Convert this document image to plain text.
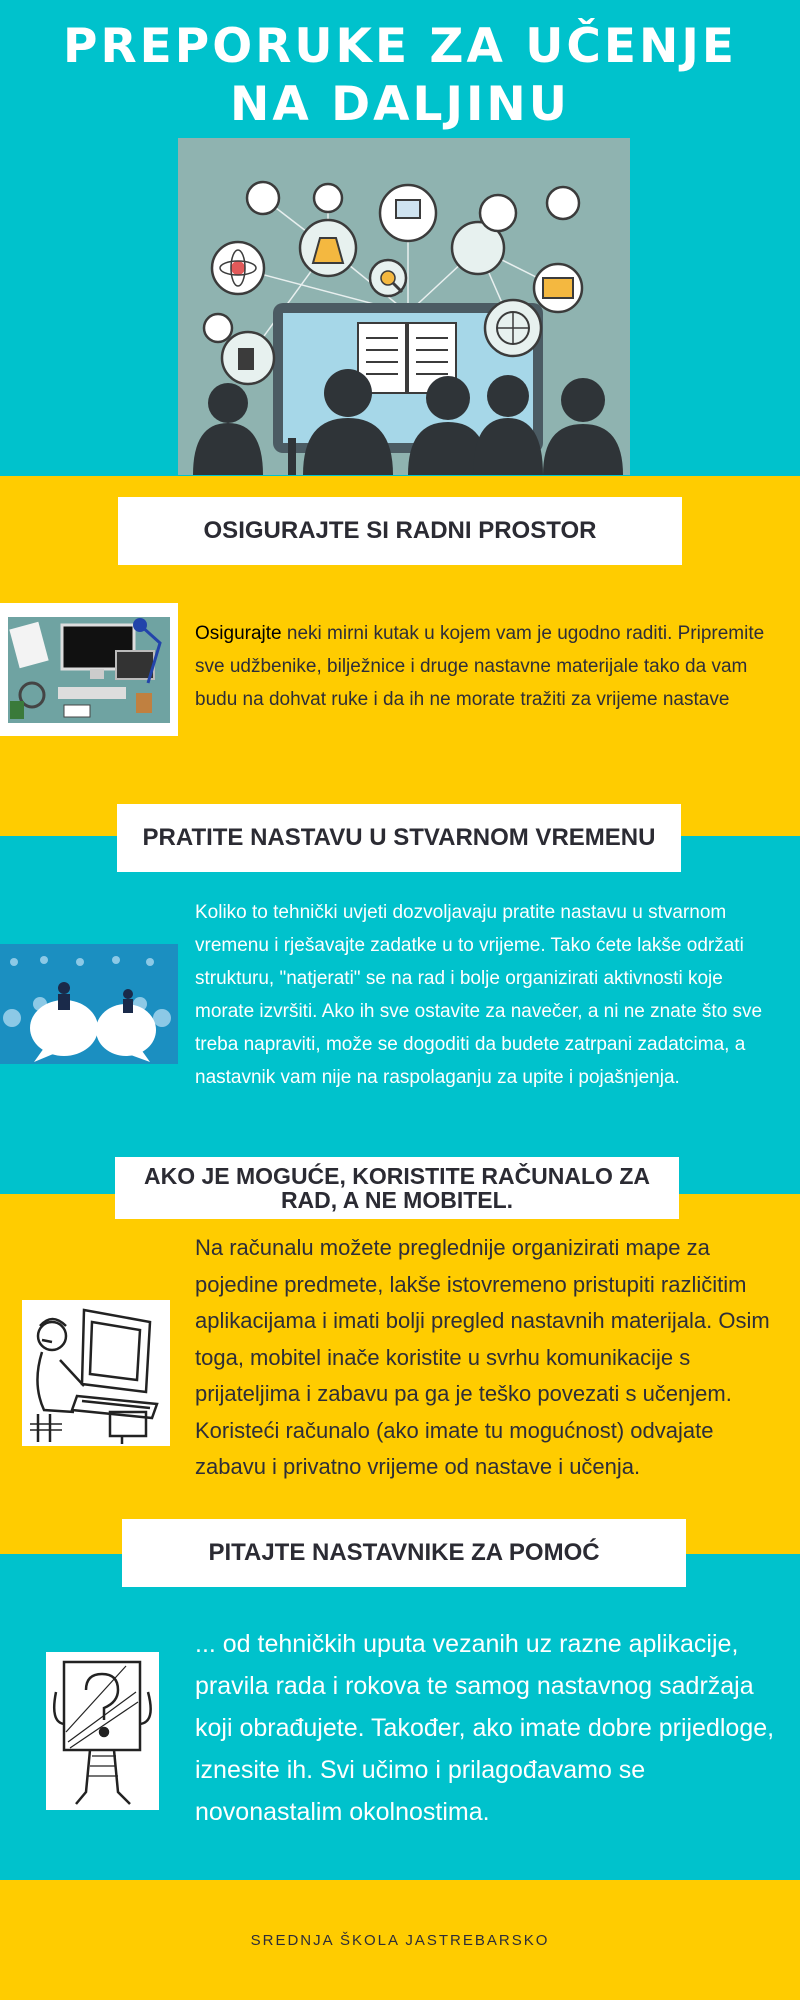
PREPORUKE ZA UČENJE
NA DALJINU
OSIGURAJTE SI RADNI PROSTOR

Osigurajte neki mirni kutak u kojem vam je ugodno raditi. Pripremite sve udžbenike, bilježnice i druge nastavne materijale tako da vam budu na dohvat ruke i da ih ne morate tražiti za vrijeme nastave

PRATITE NASTAVU U STVARNOM VREMENU

Koliko to tehnički uvjeti dozvoljavaju pratite nastavu u stvarnom vremenu i rješavajte zadatke u to vrijeme. Tako ćete lakše održati strukturu, "natjerati" se na rad i bolje organizirati aktivnosti koje morate izvršiti. Ako ih sve ostavite za navečer, a ni ne znate što sve treba napraviti, može se dogoditi da budete zatrpani zadatcima, a nastavnik vam nije na raspolaganju za upite i pojašnjenja.

AKO JE MOGUĆE, KORISTITE RAČUNALO ZA RAD, A NE MOBITEL.

Na računalu možete preglednije organizirati mape za pojedine predmete, lakše istovremeno pristupiti različitim aplikacijama i imati bolji pregled nastavnih materijala. Osim toga, mobitel inače koristite u svrhu komunikacije s prijateljima i zabavu pa ga je teško povezati s učenjem. Koristeći računalo (ako imate tu mogućnost) odvajate zabavu i privatno vrijeme od nastave i učenja.

PITAJTE NASTAVNIKE ZA POMOĆ

... od tehničkih uputa vezanih uz razne aplikacije, pravila rada i rokova te samog nastavnog sadržaja koji obrađujete. Također, ako imate dobre prijedloge, iznesite ih. Svi učimo i prilagođavamo se novonastalim okolnostima.

SREDNJA ŠKOLA JASTREBARSKO
